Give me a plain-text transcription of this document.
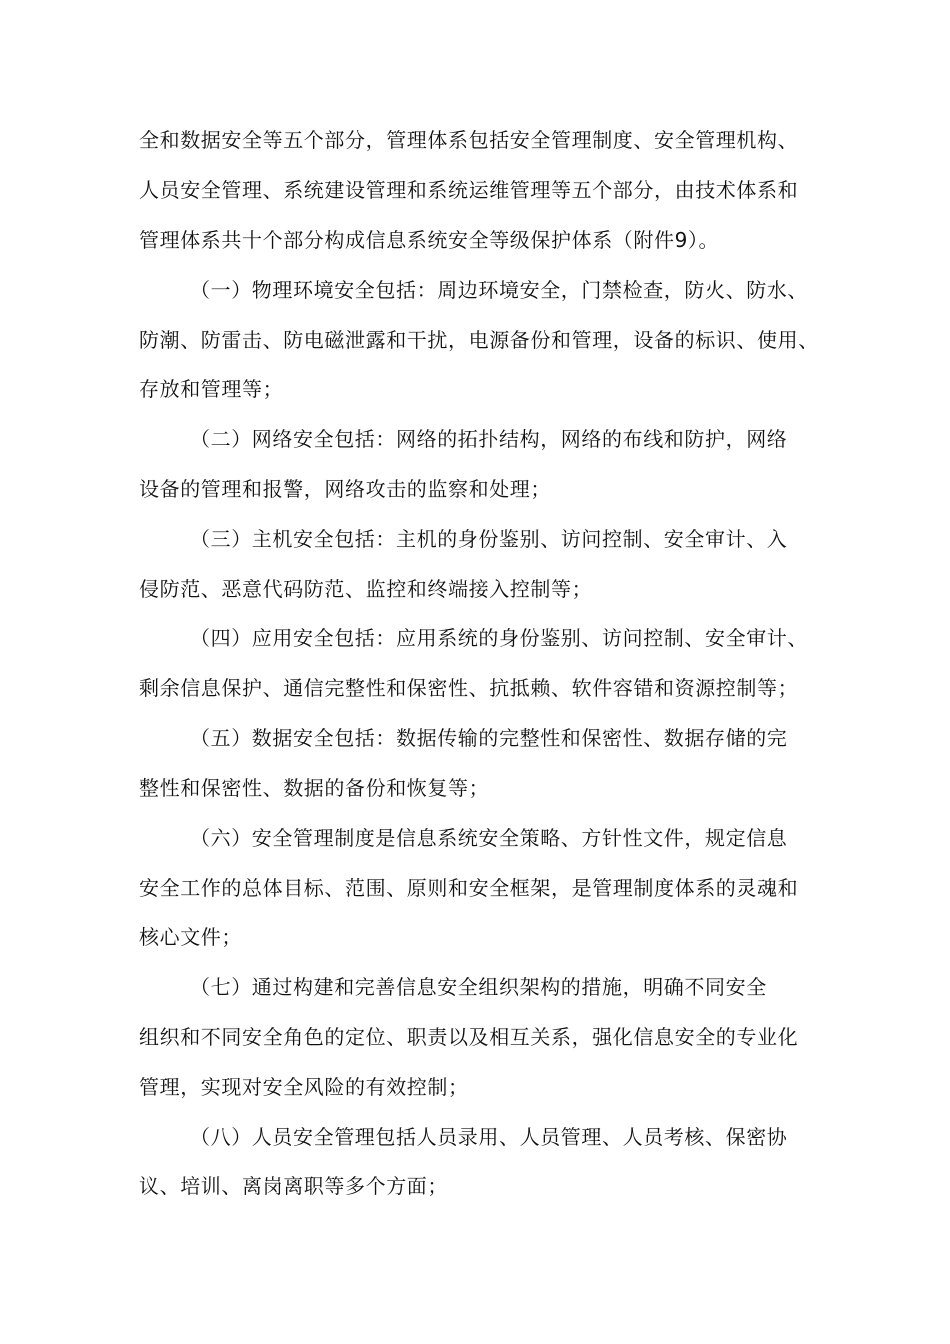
全和数据安全等五个部分，管理体系包括安全管理制度、安全管理机构、
人员安全管理、系统建设管理和系统运维管理等五个部分，由技术体系和
管理体系共十个部分构成信息系统安全等级保护体系（附件9）。
（一）物理环境安全包括：周边环境安全，门禁检查，防火、防水、
防潮、防雷击、防电磁泄露和干扰，电源备份和管理，设备的标识、使用、
存放和管理等；
（二）网络安全包括：网络的拓扑结构，网络的布线和防护，网络
设备的管理和报警，网络攻击的监察和处理；
（三）主机安全包括：主机的身份鉴别、访问控制、安全审计、入
侵防范、恶意代码防范、监控和终端接入控制等；
（四）应用安全包括：应用系统的身份鉴别、访问控制、安全审计、
剩余信息保护、通信完整性和保密性、抗抵赖、软件容错和资源控制等；
（五）数据安全包括：数据传输的完整性和保密性、数据存储的完
整性和保密性、数据的备份和恢复等；
（六）安全管理制度是信息系统安全策略、方针性文件，规定信息
安全工作的总体目标、范围、原则和安全框架，是管理制度体系的灵魂和
核心文件；
（七）通过构建和完善信息安全组织架构的措施，明确不同安全
组织和不同安全角色的定位、职责以及相互关系，强化信息安全的专业化
管理，实现对安全风险的有效控制；
（八）人员安全管理包括人员录用、人员管理、人员考核、保密协
议、培训、离岗离职等多个方面；
